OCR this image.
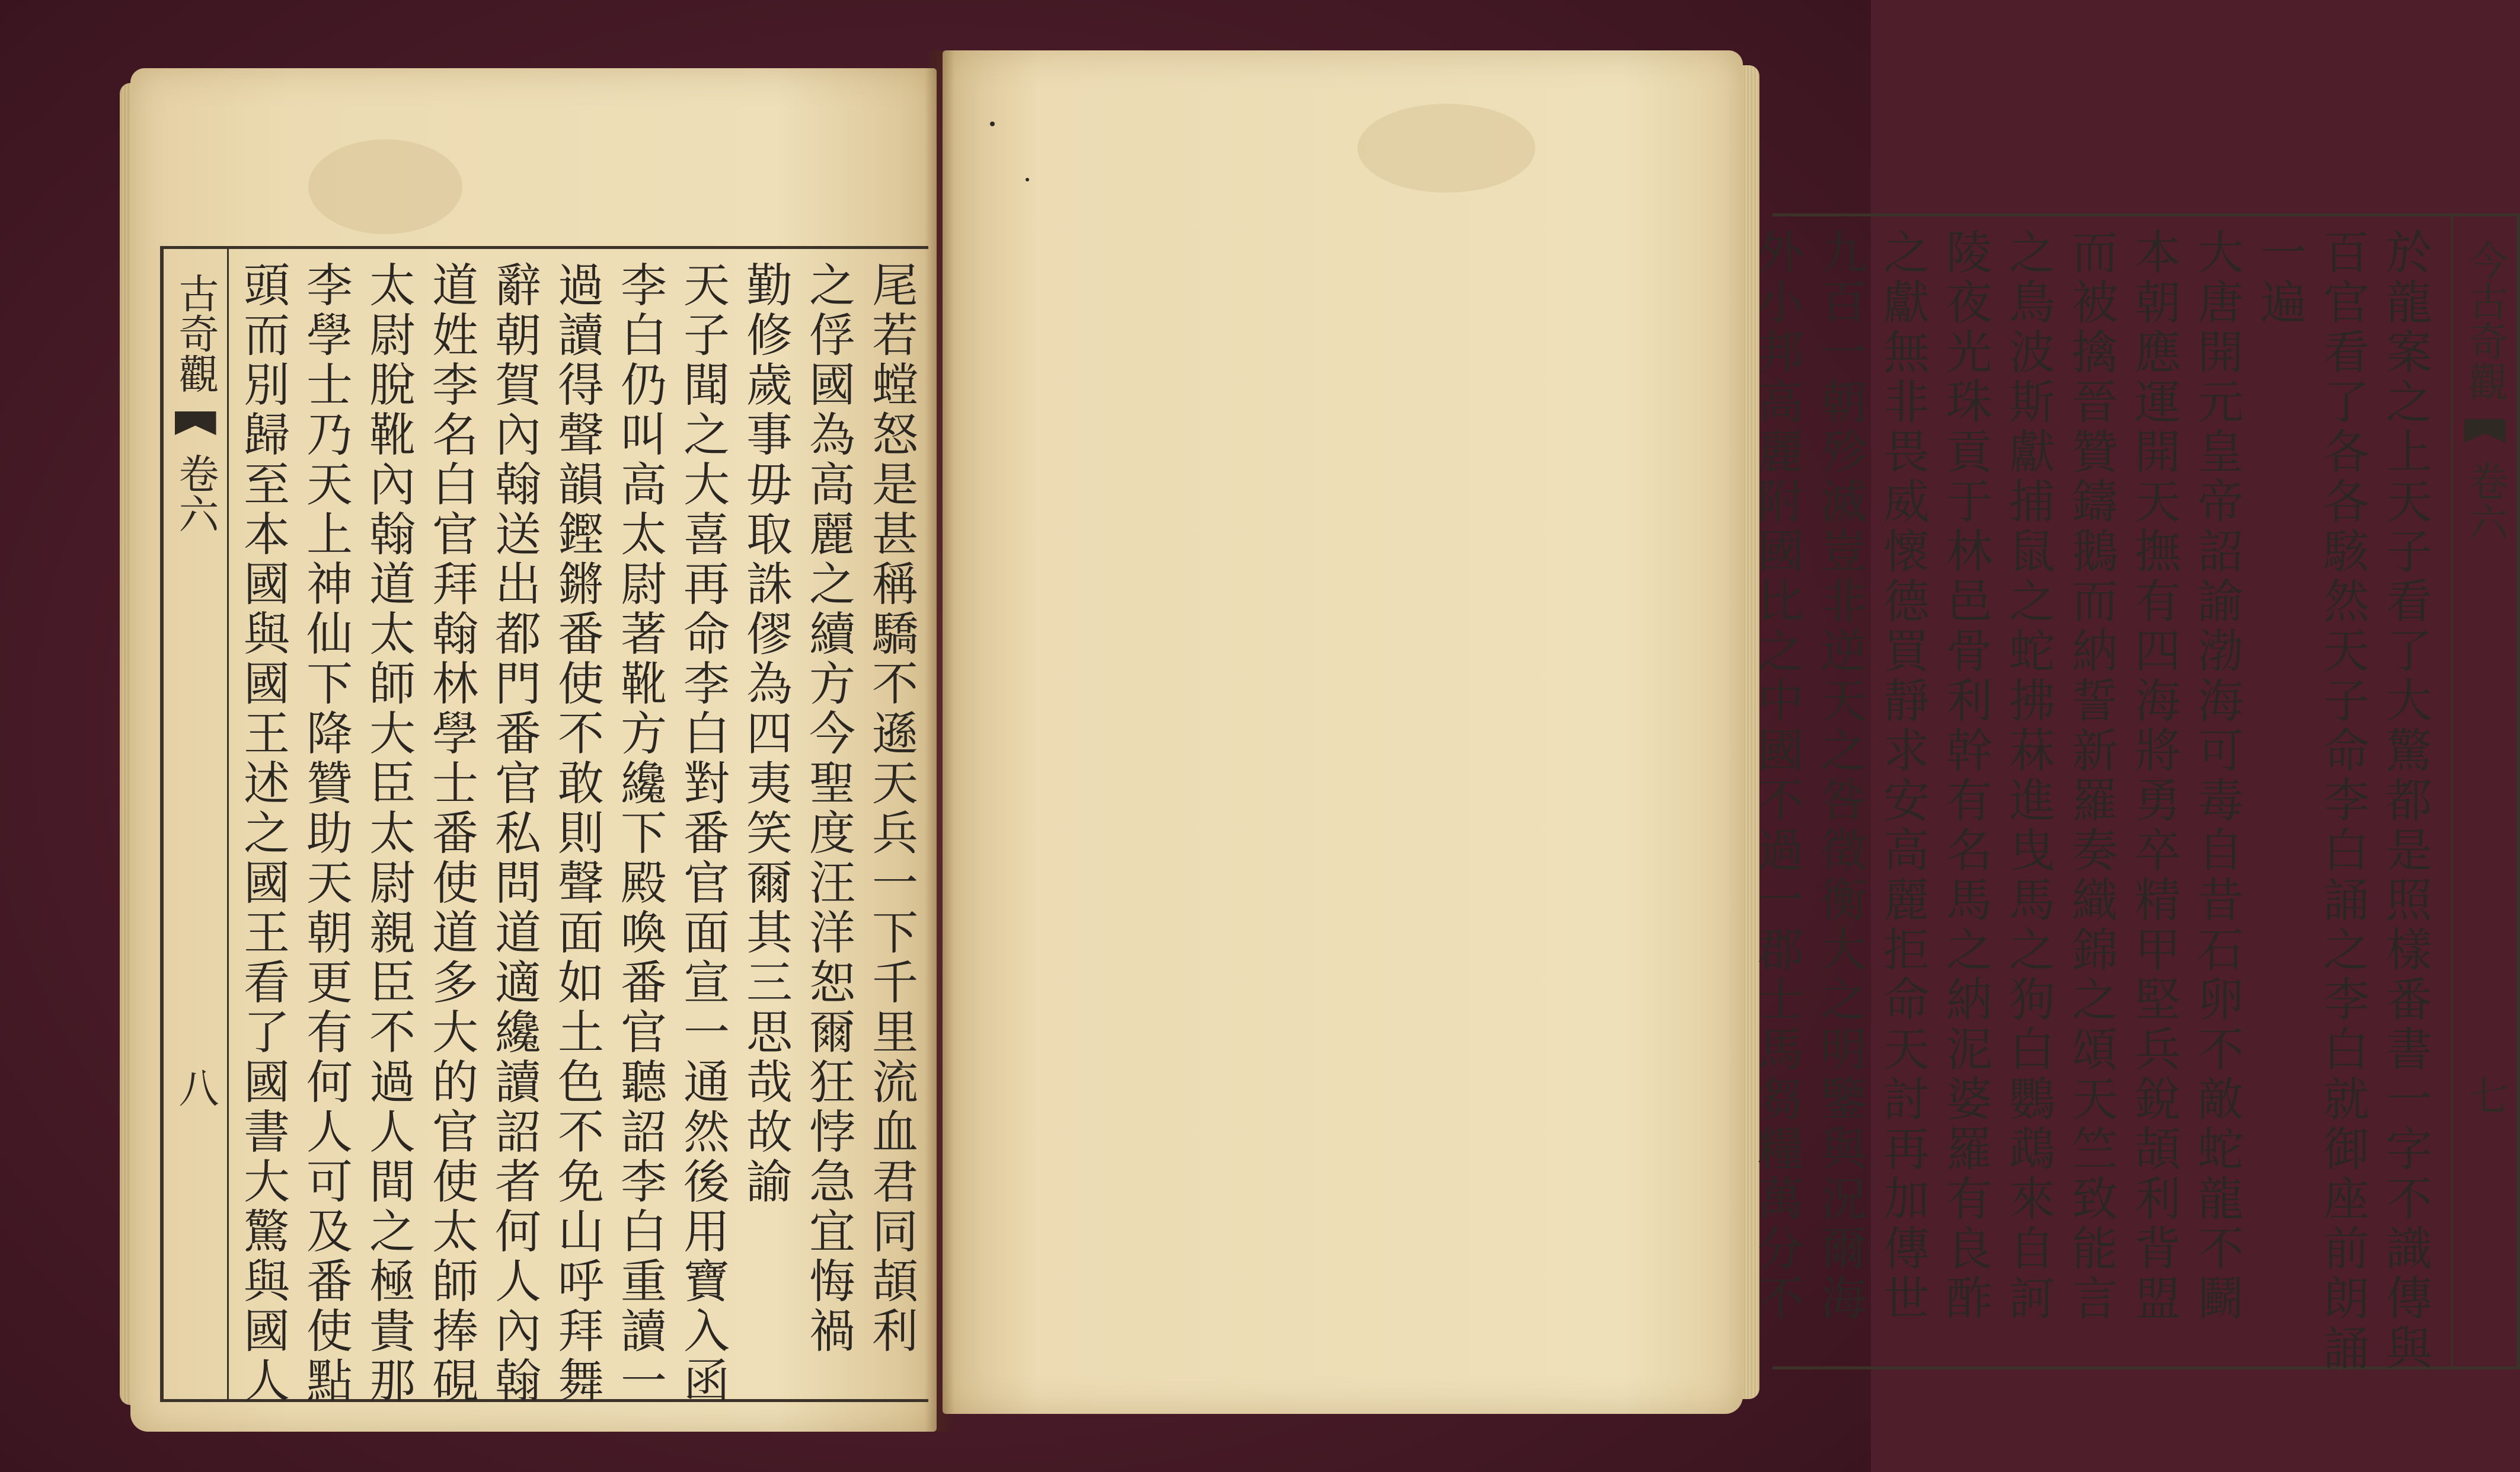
古奇觀
卷六
八	尾若螳怒是甚稱驕不遜天兵一下千里流血君同頡利
之俘國為高麗之續方今聖度汪洋恕爾狂悖急宜悔禍
勤修歲事毋取誅僇為四夷笑爾其三思哉故諭
天子聞之大喜再命李白對番官面宣一通然後用寶入函
李白仍叫高太尉著靴方纔下殿喚番官聽詔李白重讀一
過讀得聲韻鏗鏘番使不敢則聲面如土色不免山呼拜舞
辭朝賀內翰送出都門番官私問道適纔讀詔者何人內翰
道姓李名白官拜翰林學士番使道多大的官使太師捧硯
太尉脫靴內翰道太師大臣太尉親臣不過人間之極貴那
李學士乃天上神仙下降贊助天朝更有何人可及番使點
頭而別歸至本國與國王述之國王看了國書大驚與國人	今古奇觀
卷六
七
於龍案之上天子看了大驚都是照樣番書一字不識傳與
百官看了各各駭然天子命李白誦之李白就御座前朗誦
一遍
大唐開元皇帝詔諭渤海可毒自昔石卵不敵蛇龍不鬬
本朝應運開天撫有四海將勇卒精甲堅兵銳頡利背盟
而被擒晉贊鑄鵝而納誓新羅奏織錦之頌天竺致能言
之鳥波斯獻捕鼠之蛇拂菻進曳馬之狗白鸚鵡來自訶
陵夜光珠貢于林邑骨利幹有名馬之納泥婆羅有良酢
之獻無非畏威懷德買靜求安高麗拒命天討再加傳世
九百一朝殄滅豈非逆天之咎徵衡大之明鑒與況爾海
外小邦高麗附國比之中國不過一郡士馬芻糧萬分不
